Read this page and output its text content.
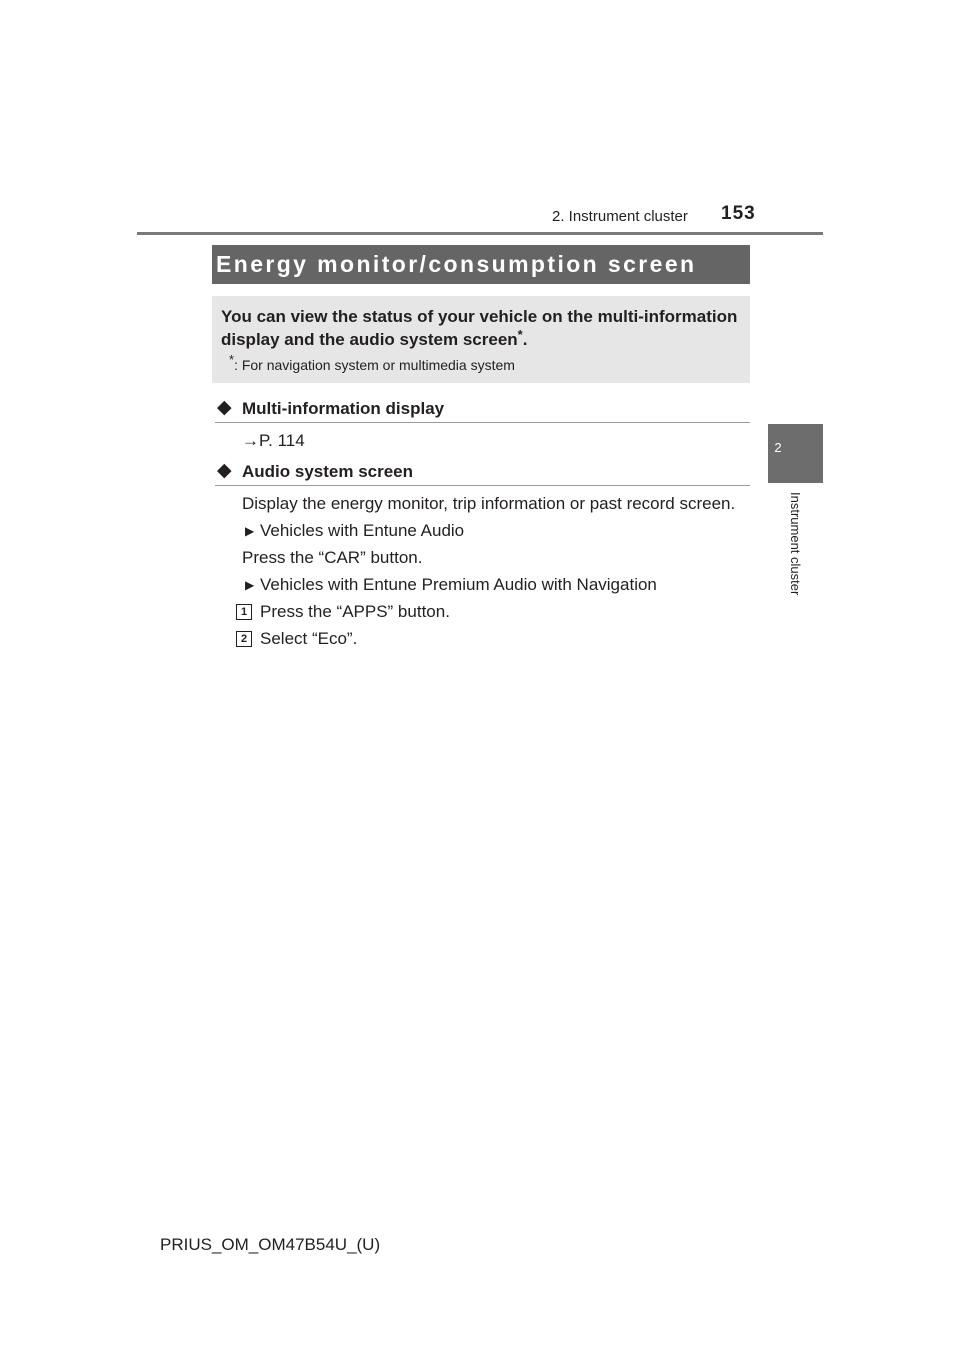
2. Instrument cluster 153
2
Instrument cluster
Energy monitor/consumption screen
You can view the status of your vehicle on the multi-information display and the audio system screen*.
*: For navigation system or multimedia system
◆ Multi-information display
→P. 114
◆ Audio system screen
Display the energy monitor, trip information or past record screen.
▶ Vehicles with Entune Audio
Press the “CAR” button.
▶ Vehicles with Entune Premium Audio with Navigation
1 Press the “APPS” button.
2 Select “Eco”.
PRIUS_OM_OM47B54U_(U)
